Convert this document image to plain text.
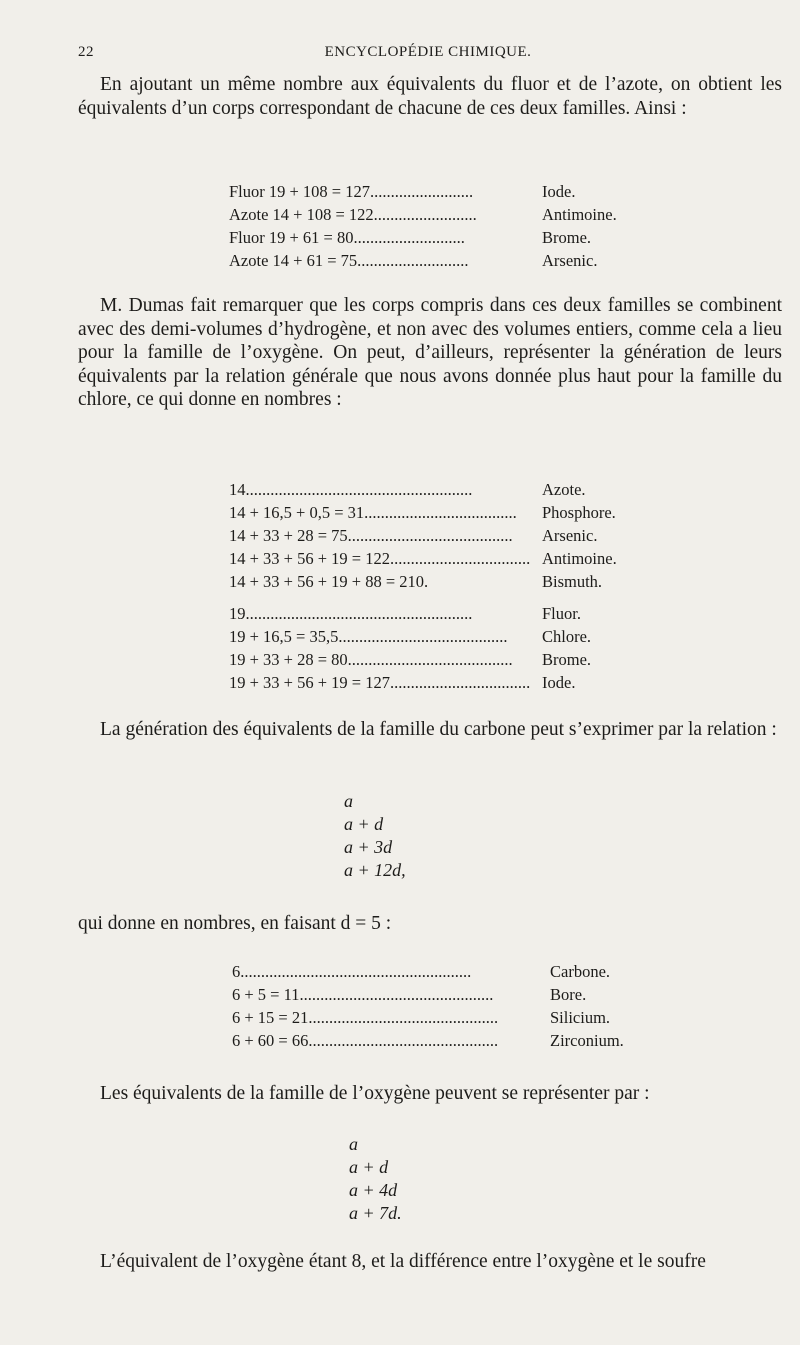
22	ENCYCLOPÉDIE CHIMIQUE.

En ajoutant un même nombre aux équivalents du fluor et de l’azote, on obtient les équivalents d’un corps correspondant de chacune de ces deux familles. Ainsi :

Fluor 19 + 108 = 127.........................	Iode.
Azote 14 + 108 = 122.........................	Antimoine.
Fluor 19 + 61 = 80...........................	Brome.
Azote 14 + 61 = 75...........................	Arsenic.

M. Dumas fait remarquer que les corps compris dans ces deux familles se combinent avec des demi-volumes d’hydrogène, et non avec des volumes entiers, comme cela a lieu pour la famille de l’oxygène. On peut, d’ailleurs, représenter la génération de leurs équivalents par la relation générale que nous avons donnée plus haut pour la famille du chlore, ce qui donne en nombres :

14.......................................................	Azote.
14 + 16,5 + 0,5 = 31.....................................	Phosphore.
14 + 33 + 28 = 75........................................	Arsenic.
14 + 33 + 56 + 19 = 122.................................. Antimoine.
14 + 33 + 56 + 19 + 88 = 210.	Bismuth.
19.......................................................	Fluor.
19 + 16,5 = 35,5.........................................	Chlore.
19 + 33 + 28 = 80........................................	Brome.
19 + 33 + 56 + 19 = 127.................................. Iode.

La génération des équivalents de la famille du carbone peut s’exprimer par la relation :

a
a + d
a + 3d
a + 12d,

qui donne en nombres, en faisant d = 5 :

6........................................................	Carbone.
6 + 5 = 11...............................................	Bore.
6 + 15 = 21..............................................	Silicium.
6 + 60 = 66..............................................	Zirconium.

Les équivalents de la famille de l’oxygène peuvent se représenter par :

a
a + d
a + 4d
a + 7d.

L’équivalent de l’oxygène étant 8, et la différence entre l’oxygène et le soufre
